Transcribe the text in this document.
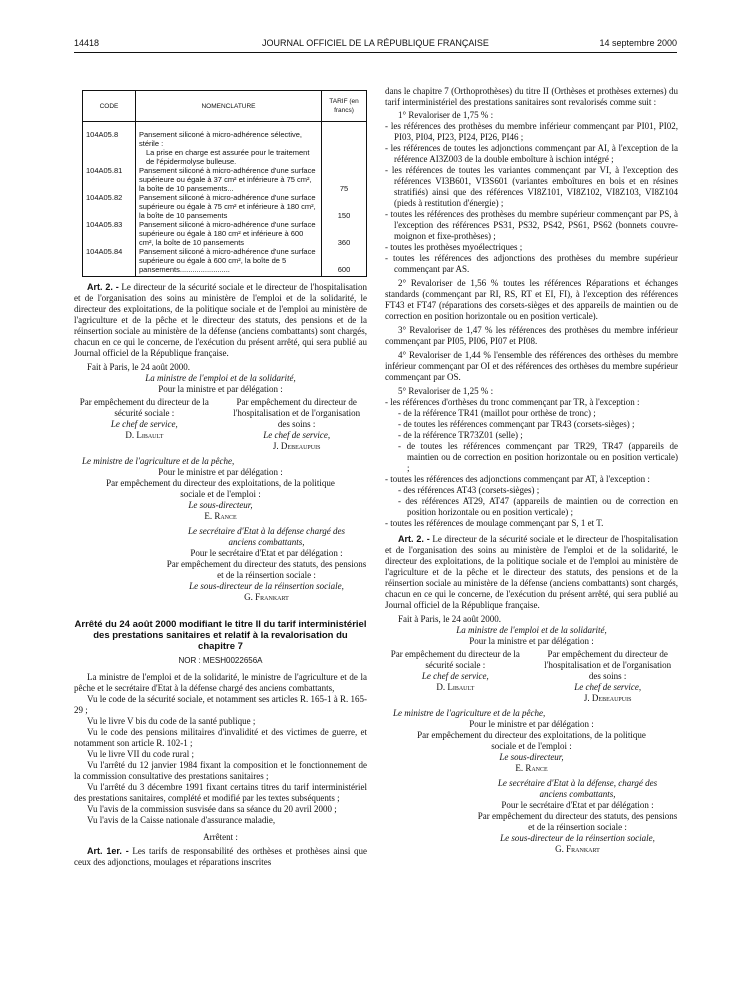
14418	JOURNAL OFFICIEL DE LA RÉPUBLIQUE FRANÇAISE	14 septembre 2000
CODE	NOMENCLATURE	TARIF (en francs)
104A05.8	Pansement siliconé à micro-adhérence sélective, stérile :	
	La prise en charge est assurée pour le traitement de l'épidermolyse bulleuse.	
104A05.81	Pansement siliconé à micro-adhérence d'une surface supérieure ou égale à 37 cm² et inférieure à 75 cm², la boîte de 10 pansements...	75
104A05.82	Pansement siliconé à micro-adhérence d'une surface supérieure ou égale à 75 cm² et inférieure à 180 cm², la boîte de 10 pansements	150
104A05.83	Pansement siliconé à micro-adhérence d'une surface supérieure ou égale à 180 cm² et inférieure à 600 cm², la boîte de 10 pansements	360
104A05.84	Pansement siliconé à micro-adhérence d'une surface supérieure ou égale à 600 cm², la boîte de 5 pansements........................	600

Art. 2. - Le directeur de la sécurité sociale et le directeur de l'hospitalisation et de l'organisation des soins au ministère de l'emploi et de la solidarité, le directeur des exploitations, de la politique sociale et de l'emploi au ministère de l'agriculture et de la pêche et le directeur des statuts, des pensions et de la réinsertion sociale au ministère de la défense (anciens combattants) sont chargés, chacun en ce qui le concerne, de l'exécution du présent arrêté, qui sera publié au Journal officiel de la République française.

Fait à Paris, le 24 août 2000.

La ministre de l'emploi et de la solidarité,

Pour la ministre et par délégation :

Par empêchement du directeur de la sécurité sociale :

Le chef de service,

D. Libault

Par empêchement du directeur de l'hospitalisation et de l'organisation des soins :

Le chef de service,

J. Debeaupuis

Le ministre de l'agriculture et de la pêche,

Pour le ministre et par délégation :

Par empêchement du directeur des exploitations, de la politique sociale et de l'emploi :

Le sous-directeur,

E. Rance

Le secrétaire d'Etat à la défense chargé des anciens combattants,

Pour le secrétaire d'Etat et par délégation :

Par empêchement du directeur des statuts, des pensions et de la réinsertion sociale :

Le sous-directeur de la réinsertion sociale,

G. Frankart

Arrêté du 24 août 2000 modifiant le titre II du tarif interministériel des prestations sanitaires et relatif à la revalorisation du chapitre 7

NOR : MESH0022656A

La ministre de l'emploi et de la solidarité, le ministre de l'agriculture et de la pêche et le secrétaire d'Etat à la défense chargé des anciens combattants,

Vu le code de la sécurité sociale, et notamment ses articles R. 165-1 à R. 165-29 ;

Vu le livre V bis du code de la santé publique ;

Vu le code des pensions militaires d'invalidité et des victimes de guerre, et notamment son article R. 102-1 ;

Vu le livre VII du code rural ;

Vu l'arrêté du 12 janvier 1984 fixant la composition et le fonctionnement de la commission consultative des prestations sanitaires ;

Vu l'arrêté du 3 décembre 1991 fixant certains titres du tarif interministériel des prestations sanitaires, complété et modifié par les textes subséquents ;

Vu l'avis de la commission susvisée dans sa séance du 20 avril 2000 ;

Vu l'avis de la Caisse nationale d'assurance maladie,

Arrêtent :

Art. 1er. - Les tarifs de responsabilité des orthèses et prothèses ainsi que ceux des adjonctions, moulages et réparations inscrites

dans le chapitre 7 (Orthoprothèses) du titre II (Orthèses et prothèses externes) du tarif interministériel des prestations sanitaires sont revalorisés comme suit :

1° Revaloriser de 1,75 % :

- les références des prothèses du membre inférieur commençant par PI01, PI02, PI03, PI04, PI23, PI24, PI26, PI46 ;
- les références de toutes les adjonctions commençant par AI, à l'exception de la référence AI3Z003 de la double emboîture à ischion intégré ;
- les références de toutes les variantes commençant par VI, à l'exception des références VI3B601, VI3S601 (variantes emboîtures en bois et en résines stratifiés) ainsi que des références VI8Z101, VI8Z102, VI8Z103, VI8Z104 (pieds à restitution d'énergie) ;
- toutes les références des prothèses du membre supérieur commençant par PS, à l'exception des références PS31, PS32, PS42, PS61, PS62 (bonnets couvre-moignon et fixe-prothèses) ;
- toutes les prothèses myoélectriques ;
- toutes les références des adjonctions des prothèses du membre supérieur commençant par AS.

2° Revaloriser de 1,56 % toutes les références Réparations et échanges standards (commençant par RI, RS, RT et EI, FI), à l'exception des références FT43 et FT47 (réparations des corsets-sièges et des appareils de maintien ou de correction en position horizontale ou en position verticale).

3° Revaloriser de 1,47 % les références des prothèses du membre inférieur commençant par PI05, PI06, PI07 et PI08.

4° Revaloriser de 1,44 % l'ensemble des références des orthèses du membre inférieur commençant par OI et des références des orthèses du membre supérieur commençant par OS.

5° Revaloriser de 1,25 % :

- les références d'orthèses du tronc commençant par TR, à l'exception :
- de la référence TR41 (maillot pour orthèse de tronc) ;
- de toutes les références commençant par TR43 (corsets-sièges) ;
- de la référence TR73Z01 (selle) ;
- de toutes les références commençant par TR29, TR47 (appareils de maintien ou de correction en position horizontale ou en position verticale) ;
- toutes les références des adjonctions commençant par AT, à l'exception :
- des références AT43 (corsets-sièges) ;
- des références AT29, AT47 (appareils de maintien ou de correction en position horizontale ou en position verticale) ;
- toutes les références de moulage commençant par S, 1 et T.

Art. 2. - Le directeur de la sécurité sociale et le directeur de l'hospitalisation et de l'organisation des soins au ministère de l'emploi et de la solidarité, le directeur des exploitations, de la politique sociale et de l'emploi au ministère de l'agriculture et de la pêche et le directeur des statuts, des pensions et de la réinsertion sociale au ministère de la défense (anciens combattants) sont chargés, chacun en ce qui le concerne, de l'exécution du présent arrêté, qui sera publié au Journal officiel de la République française.

Fait à Paris, le 24 août 2000.

La ministre de l'emploi et de la solidarité,

Pour la ministre et par délégation :

Par empêchement du directeur de la sécurité sociale :

Le chef de service,

D. Libault

Par empêchement du directeur de l'hospitalisation et de l'organisation des soins :

Le chef de service,

J. Debeaupuis

Le ministre de l'agriculture et de la pêche,

Pour le ministre et par délégation :

Par empêchement du directeur des exploitations, de la politique sociale et de l'emploi :

Le sous-directeur,

E. Rance

Le secrétaire d'Etat à la défense, chargé des anciens combattants,

Pour le secrétaire d'Etat et par délégation :

Par empêchement du directeur des statuts, des pensions et de la réinsertion sociale :

Le sous-directeur de la réinsertion sociale,

G. Frankart
